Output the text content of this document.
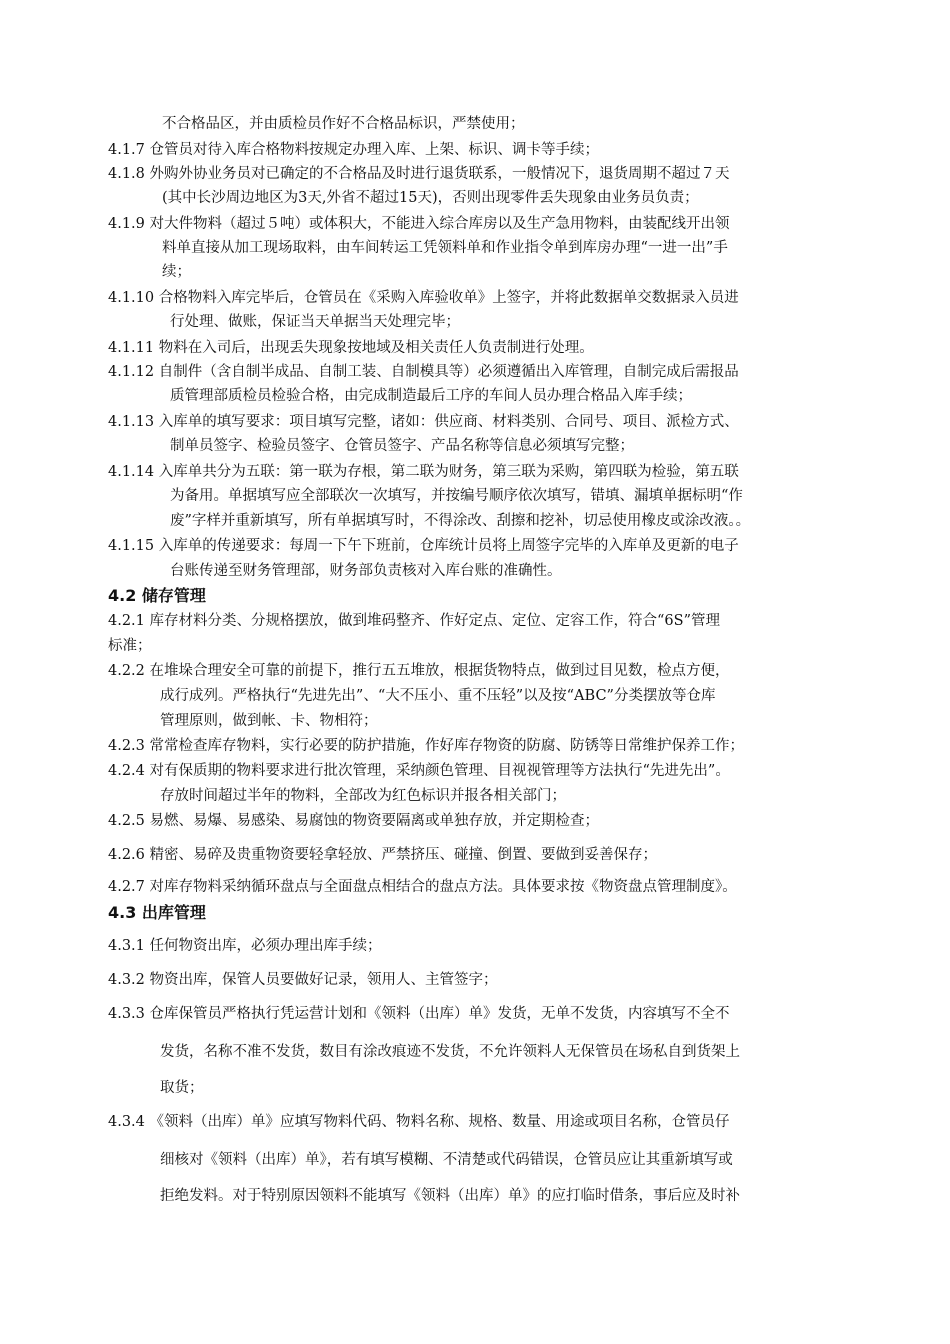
不合格品区，并由质检员作好不合格品标识，严禁使用；
4.1.7 仓管员对待入库合格物料按规定办理入库、上架、标识、调卡等手续；
4.1.8 外购外协业务员对已确定的不合格品及时进行退货联系，一般情况下，退货周期不超过７天
(其中长沙周边地区为3天,外省不超过15天)，否则出现零件丢失现象由业务员负责；
4.1.9 对大件物料（超过５吨）或体积大，不能进入综合库房以及生产急用物料，由装配线开出领
料单直接从加工现场取料，由车间转运工凭领料单和作业指令单到库房办理“一进一出”手
续；
4.1.10 合格物料入库完毕后，仓管员在《采购入库验收单》上签字，并将此数据单交数据录入员进
行处理、做账，保证当天单据当天处理完毕；
4.1.11 物料在入司后，出现丢失现象按地域及相关责任人负责制进行处理。
4.1.12 自制件（含自制半成品、自制工装、自制模具等）必须遵循出入库管理，自制完成后需报品
质管理部质检员检验合格，由完成制造最后工序的车间人员办理合格品入库手续；
4.1.13 入库单的填写要求：项目填写完整，诸如：供应商、材料类别、合同号、项目、派检方式、
制单员签字、检验员签字、仓管员签字、产品名称等信息必须填写完整；
4.1.14 入库单共分为五联：第一联为存根，第二联为财务，第三联为采购，第四联为检验，第五联
为备用。单据填写应全部联次一次填写，并按编号顺序依次填写，错填、漏填单据标明“作
废”字样并重新填写，所有单据填写时，不得涂改、刮擦和挖补，切忌使用橡皮或涂改液。。
4.1.15 入库单的传递要求：每周一下午下班前，仓库统计员将上周签字完毕的入库单及更新的电子
台账传递至财务管理部，财务部负责核对入库台账的准确性。
4.2 储存管理
4.2.1 库存材料分类、分规格摆放，做到堆码整齐、作好定点、定位、定容工作，符合“6S”管理
标准；
4.2.2 在堆垛合理安全可靠的前提下，推行五五堆放，根据货物特点，做到过目见数，检点方便，
成行成列。严格执行“先进先出”、“大不压小、重不压轻”以及按“ABC”分类摆放等仓库
管理原则，做到帐、卡、物相符；
4.2.3 常常检查库存物料，实行必要的防护措施，作好库存物资的防腐、防锈等日常维护保养工作；
4.2.4 对有保质期的物料要求进行批次管理，采纳颜色管理、目视视管理等方法执行“先进先出”。
存放时间超过半年的物料，全部改为红色标识并报各相关部门；
4.2.5 易燃、易爆、易感染、易腐蚀的物资要隔离或单独存放，并定期检查；
4.2.6 精密、易碎及贵重物资要轻拿轻放、严禁挤压、碰撞、倒置、要做到妥善保存；
4.2.7 对库存物料采纳循环盘点与全面盘点相结合的盘点方法。具体要求按《物资盘点管理制度》。
4.3 出库管理
4.3.1 任何物资出库，必须办理出库手续；
4.3.2 物资出库，保管人员要做好记录，领用人、主管签字；
4.3.3 仓库保管员严格执行凭运营计划和《领料（出库）单》发货，无单不发货，内容填写不全不
发货，名称不准不发货，数目有涂改痕迹不发货，不允许领料人无保管员在场私自到货架上
取货；
4.3.4 《领料（出库）单》应填写物料代码、物料名称、规格、数量、用途或项目名称，仓管员仔
细核对《领料（出库）单》，若有填写模糊、不清楚或代码错误，仓管员应让其重新填写或
拒绝发料。对于特别原因领料不能填写《领料（出库）单》的应打临时借条，事后应及时补
